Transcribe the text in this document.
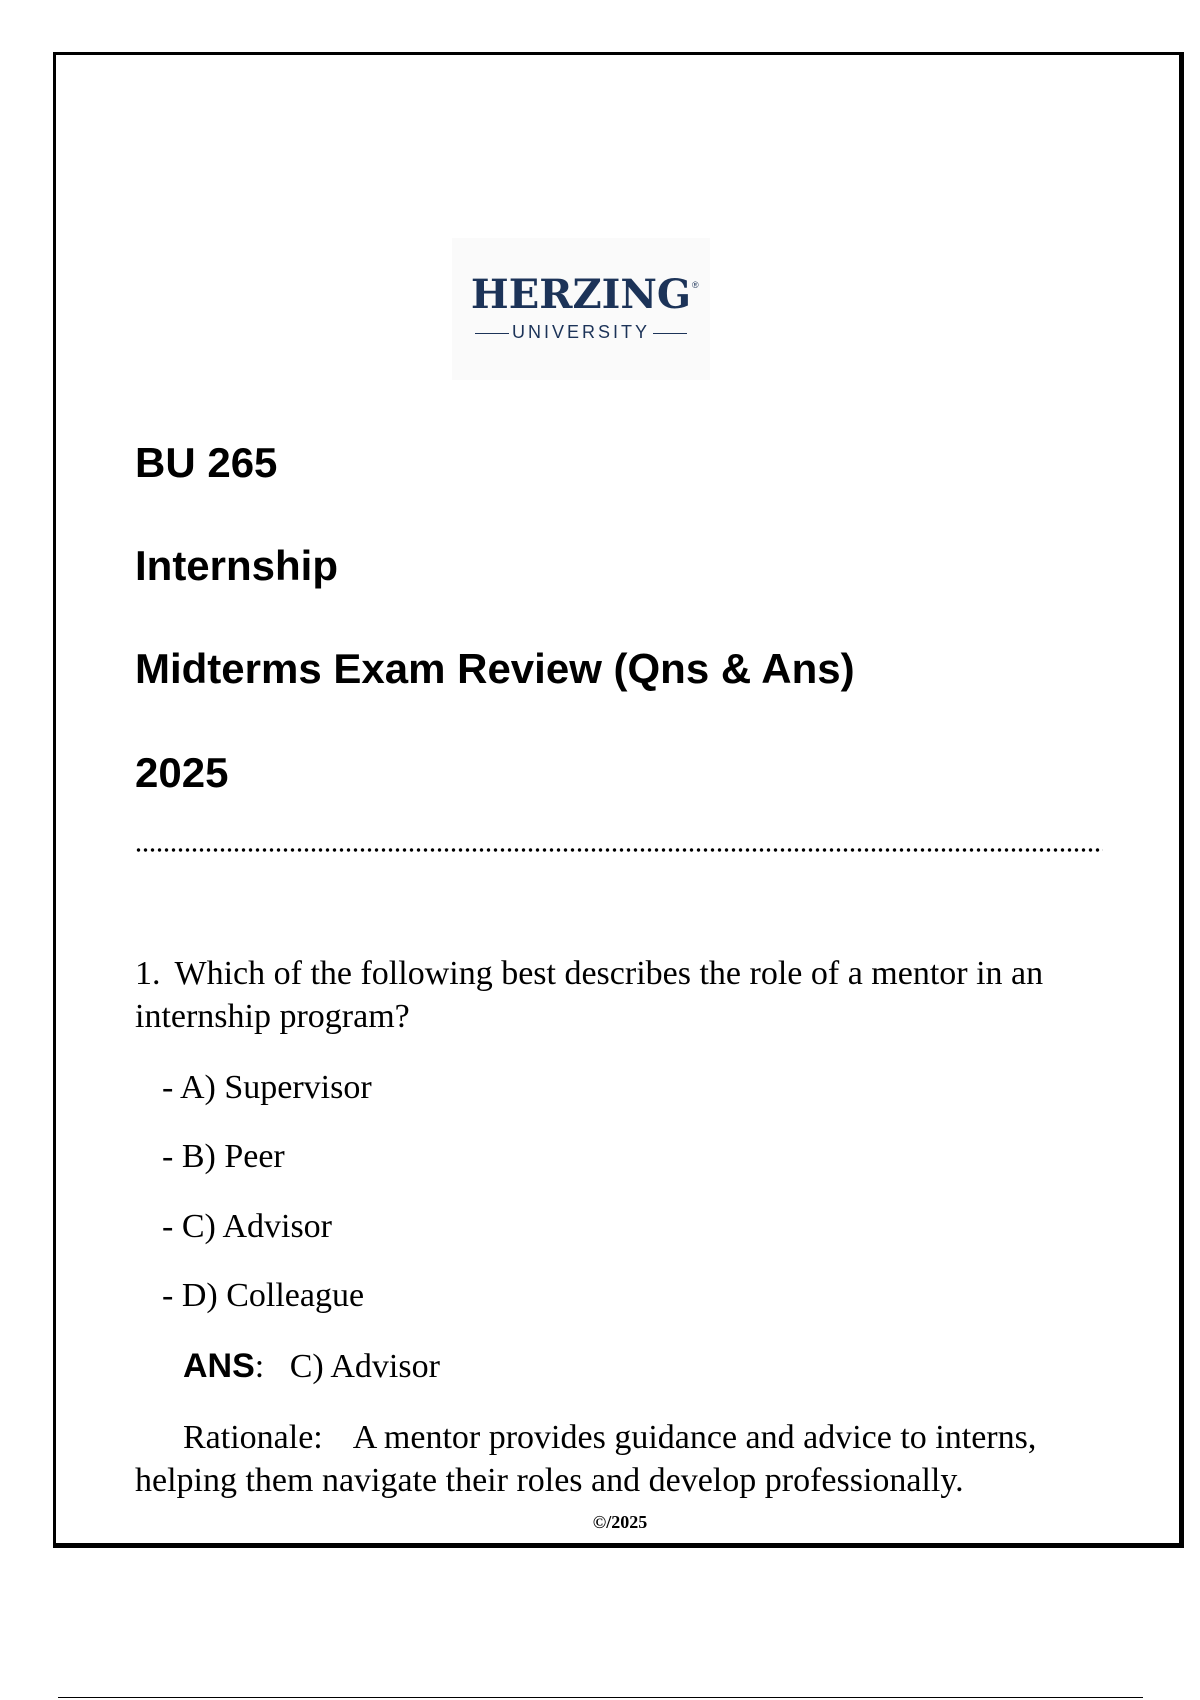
HERZING ®
UNIVERSITY
BU 265
Internship
Midterms Exam Review (Qns & Ans)
2025

1. Which of the following best describes the role of a mentor in an internship program?

- A) Supervisor

- B) Peer

- C) Advisor

- D) Colleague

ANS: C) Advisor

Rationale: A mentor provides guidance and advice to interns, helping them navigate their roles and develop professionally.

©/2025
